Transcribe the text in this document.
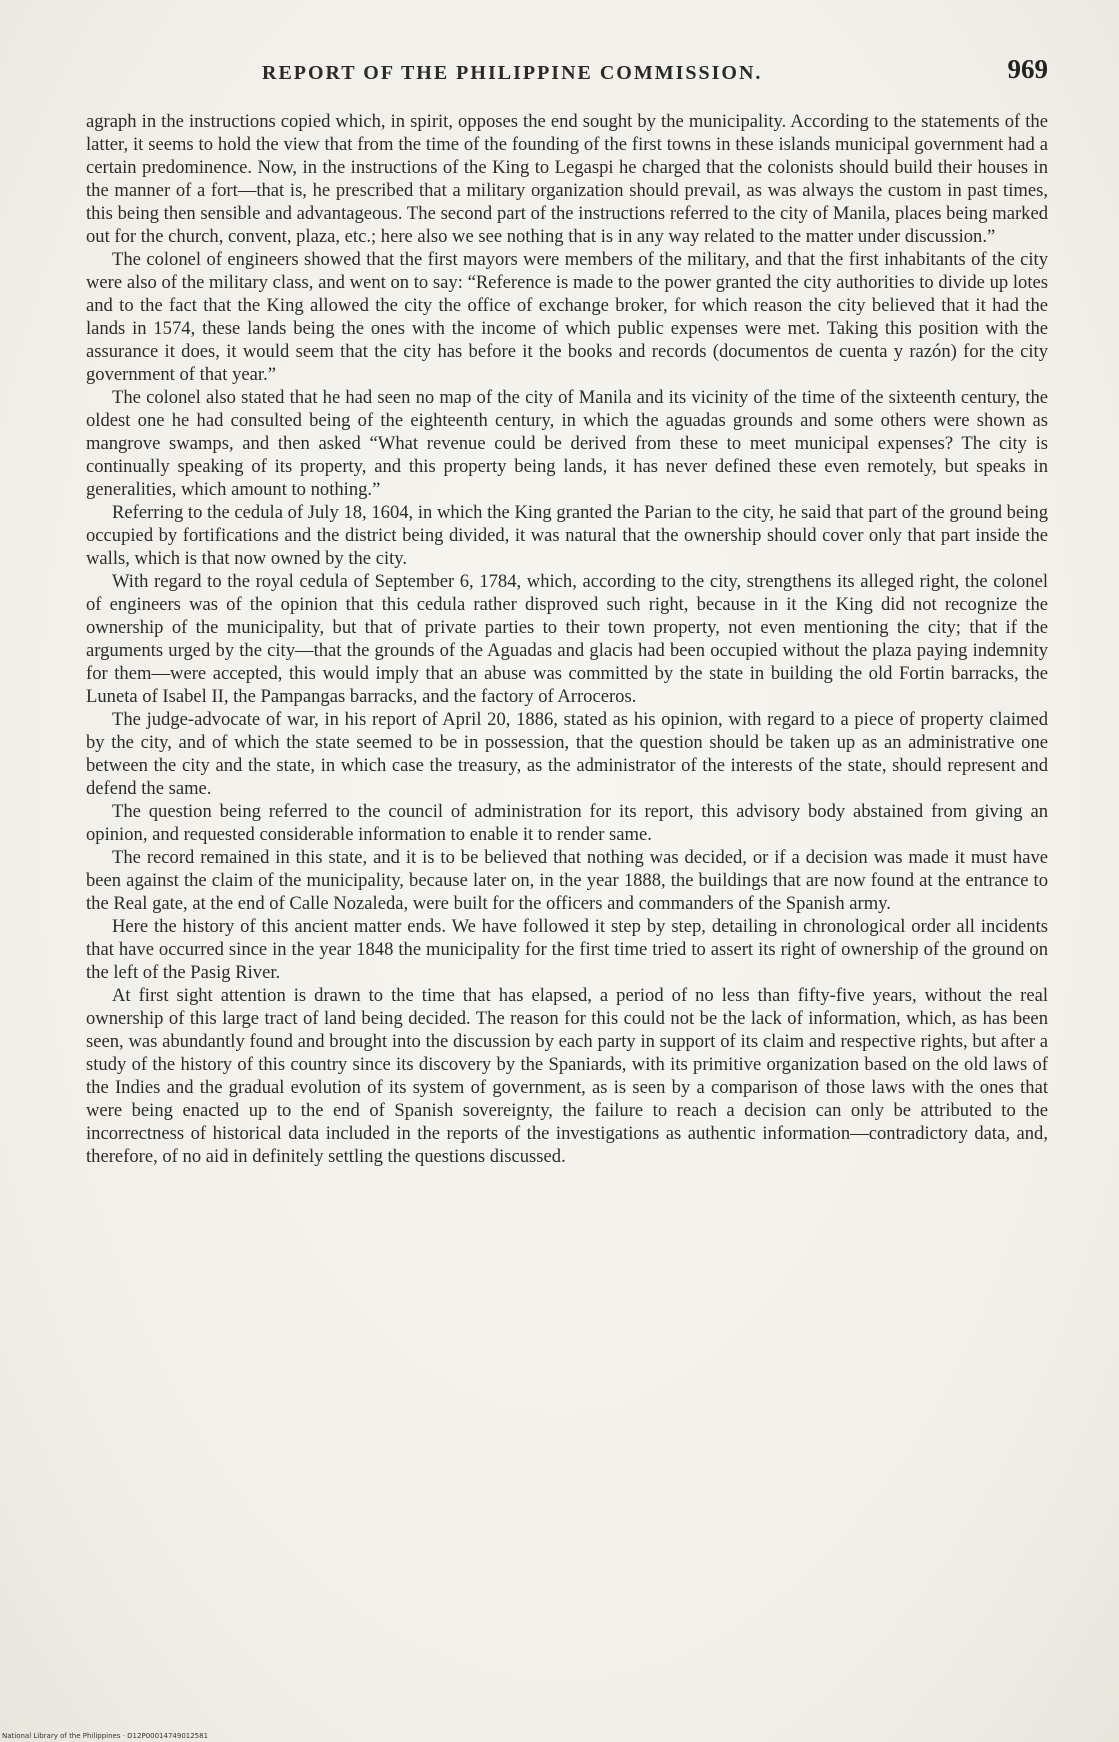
REPORT OF THE PHILIPPINE COMMISSION.	969

agraph in the instructions copied which, in spirit, opposes the end sought by the municipality. According to the statements of the latter, it seems to hold the view that from the time of the founding of the first towns in these islands municipal government had a certain predominence. Now, in the instructions of the King to Legaspi he charged that the colonists should build their houses in the manner of a fort—that is, he prescribed that a military organization should prevail, as was always the custom in past times, this being then sensible and advantageous. The second part of the instructions referred to the city of Manila, places being marked out for the church, convent, plaza, etc.; here also we see nothing that is in any way related to the matter under discussion.”

The colonel of engineers showed that the first mayors were members of the military, and that the first inhabitants of the city were also of the military class, and went on to say: “Reference is made to the power granted the city authorities to divide up lotes and to the fact that the King allowed the city the office of exchange broker, for which reason the city believed that it had the lands in 1574, these lands being the ones with the income of which public expenses were met. Taking this position with the assurance it does, it would seem that the city has before it the books and records (documentos de cuenta y razón) for the city government of that year.”

The colonel also stated that he had seen no map of the city of Manila and its vicinity of the time of the sixteenth century, the oldest one he had consulted being of the eighteenth century, in which the aguadas grounds and some others were shown as mangrove swamps, and then asked “What revenue could be derived from these to meet municipal expenses? The city is continually speaking of its property, and this property being lands, it has never defined these even remotely, but speaks in generalities, which amount to nothing.”

Referring to the cedula of July 18, 1604, in which the King granted the Parian to the city, he said that part of the ground being occupied by fortifications and the district being divided, it was natural that the ownership should cover only that part inside the walls, which is that now owned by the city.

With regard to the royal cedula of September 6, 1784, which, according to the city, strengthens its alleged right, the colonel of engineers was of the opinion that this cedula rather disproved such right, because in it the King did not recognize the ownership of the municipality, but that of private parties to their town property, not even mentioning the city; that if the arguments urged by the city—that the grounds of the Aguadas and glacis had been occupied without the plaza paying indemnity for them—were accepted, this would imply that an abuse was committed by the state in building the old Fortin barracks, the Luneta of Isabel II, the Pampangas barracks, and the factory of Arroceros.

The judge-advocate of war, in his report of April 20, 1886, stated as his opinion, with regard to a piece of property claimed by the city, and of which the state seemed to be in possession, that the question should be taken up as an administrative one between the city and the state, in which case the treasury, as the administrator of the interests of the state, should represent and defend the same.

The question being referred to the council of administration for its report, this advisory body abstained from giving an opinion, and requested considerable information to enable it to render same.

The record remained in this state, and it is to be believed that nothing was decided, or if a decision was made it must have been against the claim of the municipality, because later on, in the year 1888, the buildings that are now found at the entrance to the Real gate, at the end of Calle Nozaleda, were built for the officers and commanders of the Spanish army.

Here the history of this ancient matter ends. We have followed it step by step, detailing in chronological order all incidents that have occurred since in the year 1848 the municipality for the first time tried to assert its right of ownership of the ground on the left of the Pasig River.

At first sight attention is drawn to the time that has elapsed, a period of no less than fifty-five years, without the real ownership of this large tract of land being decided. The reason for this could not be the lack of information, which, as has been seen, was abundantly found and brought into the discussion by each party in support of its claim and respective rights, but after a study of the history of this country since its discovery by the Spaniards, with its primitive organization based on the old laws of the Indies and the gradual evolution of its system of government, as is seen by a comparison of those laws with the ones that were being enacted up to the end of Spanish sovereignty, the failure to reach a decision can only be attributed to the incorrectness of historical data included in the reports of the investigations as authentic information—contradictory data, and, therefore, of no aid in definitely settling the questions discussed.

National Library of the Philippines · D12P00014749012581
